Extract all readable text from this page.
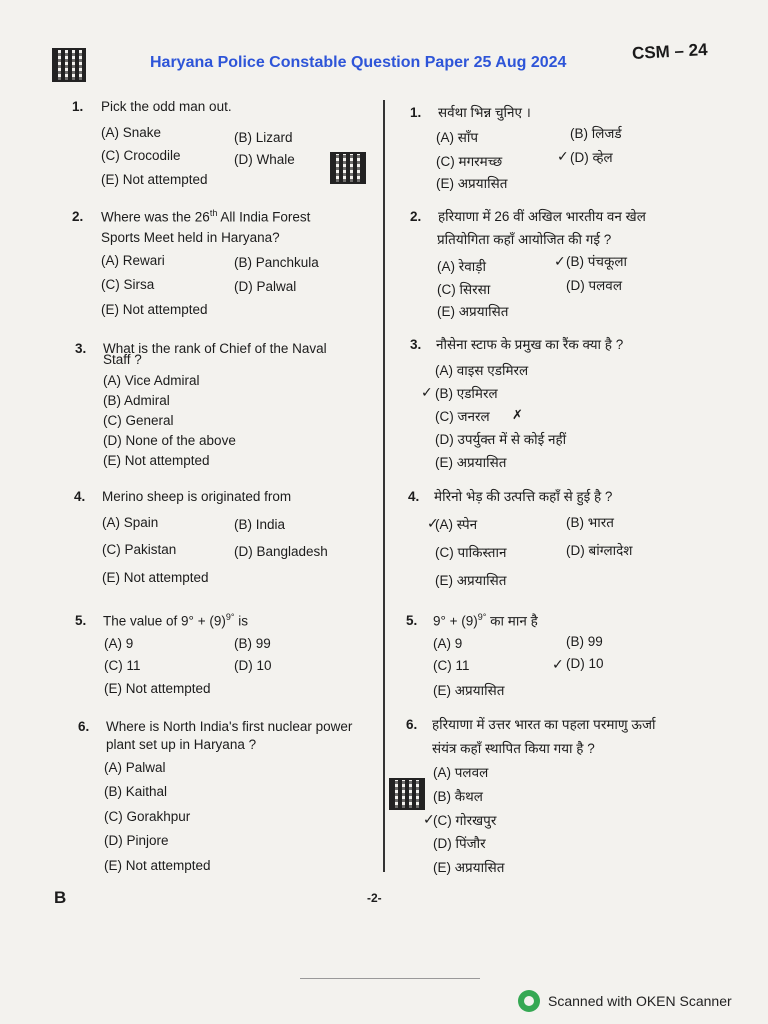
Haryana Police Constable Question Paper 25 Aug 2024	CSM – 24
1. Pick the odd man out.
(A) Snake	(B) Lizard
(C) Crocodile	(D) Whale
(E) Not attempted
2. Where was the 26th All India Forest
Sports Meet held in Haryana?
(A) Rewari	(B) Panchkula
(C) Sirsa	(D) Palwal
(E) Not attempted
3. What is the rank of Chief of the Naval
Staff ?
(A) Vice Admiral
(B) Admiral
(C) General
(D) None of the above
(E) Not attempted
4. Merino sheep is originated from
(A) Spain	(B) India
(C) Pakistan	(D) Bangladesh
(E) Not attempted
5. The value of $9^\circ + (9)^{9^\circ}$ is
(A) 9	(B) 99
(C) 11	(D) 10
(E) Not attempted
6. Where is North India's first nuclear power
plant set up in Haryana ?
(A) Palwal
(B) Kaithal
(C) Gorakhpur
(D) Pinjore
(E) Not attempted
1. सर्वथा भिन्न चुनिए ।
(A) साँप	(B) लिजर्ड
(C) मगरमच्छ	(D) व्हेल
✓
(E) अप्रयासित
2. हरियाणा में 26 वीं अखिल भारतीय वन खेल
प्रतियोगिता कहाँ आयोजित की गई ?
(A) रेवाड़ी	(B) पंचकूला
✓
(C) सिरसा	(D) पलवल
(E) अप्रयासित
3. नौसेना स्टाफ के प्रमुख का रैंक क्या है ?
(A) वाइस एडमिरल
✓ (B) एडमिरल
(C) जनरल ✗
(D) उपर्युक्त में से कोई नहीं
(E) अप्रयासित
4. मेरिनो भेड़ की उत्पत्ति कहाँ से हुई है ?
✓
(A) स्पेन	(B) भारत
(C) पाकिस्तान	(D) बांग्लादेश
(E) अप्रयासित
5. $9^\circ + (9)^{9^\circ}$ का मान है
(A) 9	(B) 99
(C) 11	✓ (D) 10
(E) अप्रयासित
6. हरियाणा में उत्तर भारत का पहला परमाणु ऊर्जा
संयंत्र कहाँ स्थापित किया गया है ?
(A) पलवल
(B) कैथल
✓
(C) गोरखपुर
(D) पिंजौर
(E) अप्रयासित
B	-2-
Scanned with OKEN Scanner
